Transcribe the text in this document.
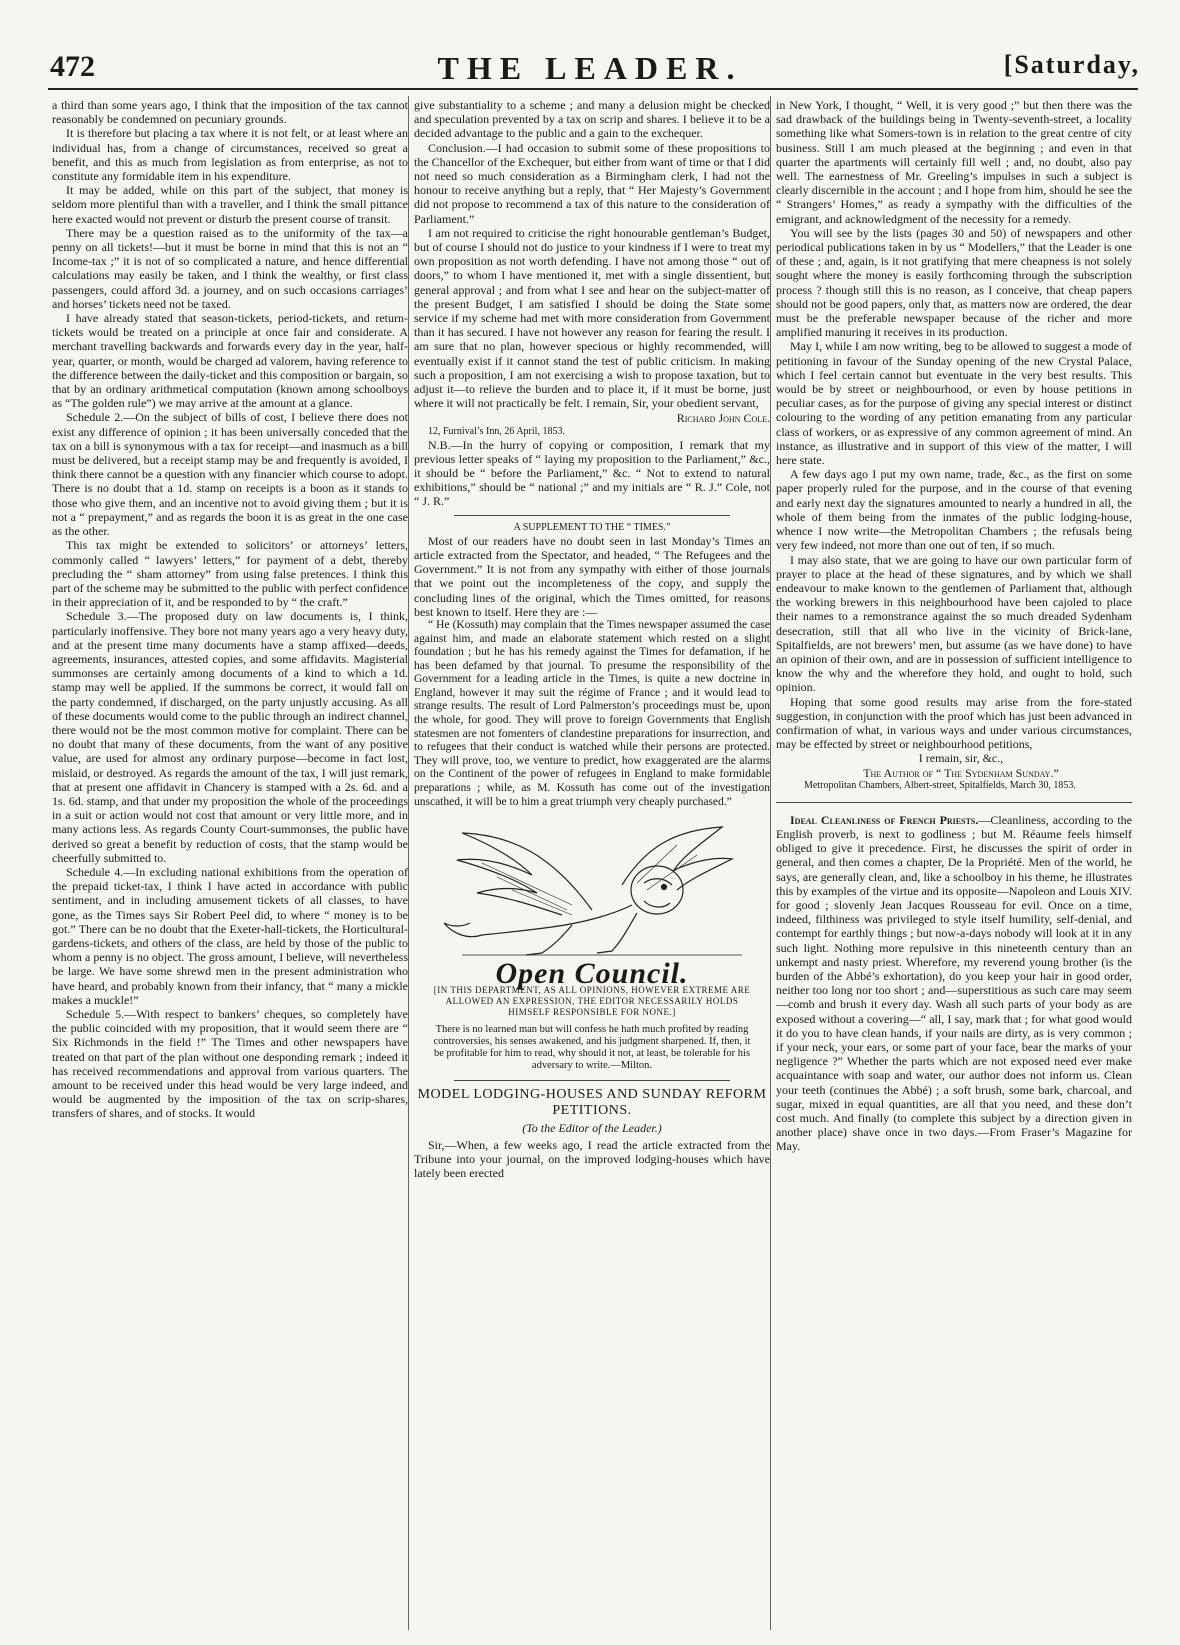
472	THE LEADER.	[Saturday,

a third than some years ago, I think that the imposition of the tax cannot reasonably be condemned on pecuniary grounds.

It is therefore but placing a tax where it is not felt, or at least where an individual has, from a change of circumstances, received so great a benefit, and this as much from legislation as from enterprise, as not to constitute any formidable item in his expenditure.

It may be added, while on this part of the subject, that money is seldom more plentiful than with a traveller, and I think the small pittance here exacted would not prevent or disturb the present course of transit.

There may be a question raised as to the uniformity of the tax—a penny on all tickets!—but it must be borne in mind that this is not an “ Income-tax ;” it is not of so complicated a nature, and hence differential calculations may easily be taken, and I think the wealthy, or first class passengers, could afford 3d. a journey, and on such occasions carriages’ and horses’ tickets need not be taxed.

I have already stated that season-tickets, period-tickets, and return-tickets would be treated on a principle at once fair and considerate. A merchant travelling backwards and forwards every day in the year, half-year, quarter, or month, would be charged ad valorem, having reference to the difference between the daily-ticket and this composition or bargain, so that by an ordinary arithmetical computation (known among schoolboys as “The golden rule”) we may arrive at the amount at a glance.

Schedule 2.—On the subject of bills of cost, I believe there does not exist any difference of opinion ; it has been universally conceded that the tax on a bill is synonymous with a tax for receipt—and inasmuch as a bill must be delivered, but a receipt stamp may be and frequently is avoided, I think there cannot be a question with any financier which course to adopt. There is no doubt that a 1d. stamp on receipts is a boon as it stands to those who give them, and an incentive not to avoid giving them ; but it is not a “ prepayment,” and as regards the boon it is as great in the one case as the other.

This tax might be extended to solicitors’ or attorneys’ letters, commonly called “ lawyers’ letters,” for payment of a debt, thereby precluding the “ sham attorney” from using false pretences. I think this part of the scheme may be submitted to the public with perfect confidence in their appreciation of it, and be responded to by “ the craft.”

Schedule 3.—The proposed duty on law documents is, I think, particularly inoffensive. They bore not many years ago a very heavy duty, and at the present time many documents have a stamp affixed—deeds, agreements, insurances, attested copies, and some affidavits. Magisterial summonses are certainly among documents of a kind to which a 1d. stamp may well be applied. If the summons be correct, it would fall on the party condemned, if discharged, on the party unjustly accusing. As all of these documents would come to the public through an indirect channel, there would not be the most common motive for complaint. There can be no doubt that many of these documents, from the want of any positive value, are used for almost any ordinary purpose—become in fact lost, mislaid, or destroyed. As regards the amount of the tax, I will just remark, that at present one affidavit in Chancery is stamped with a 2s. 6d. and a 1s. 6d. stamp, and that under my proposition the whole of the proceedings in a suit or action would not cost that amount or very little more, and in many actions less. As regards County Court-summonses, the public have derived so great a benefit by reduction of costs, that the stamp would be cheerfully submitted to.

Schedule 4.—In excluding national exhibitions from the operation of the prepaid ticket-tax, I think I have acted in accordance with public sentiment, and in including amusement tickets of all classes, to have gone, as the Times says Sir Robert Peel did, to where “ money is to be got.” There can be no doubt that the Exeter-hall-tickets, the Horticultural-gardens-tickets, and others of the class, are held by those of the public to whom a penny is no object. The gross amount, I believe, will nevertheless be large. We have some shrewd men in the present administration who have heard, and probably known from their infancy, that “ many a mickle makes a muckle!”

Schedule 5.—With respect to bankers’ cheques, so completely have the public coincided with my proposition, that it would seem there are “ Six Richmonds in the field !” The Times and other newspapers have treated on that part of the plan without one desponding remark ; indeed it has received recommendations and approval from various quarters. The amount to be received under this head would be very large indeed, and would be augmented by the imposition of the tax on scrip-shares, transfers of shares, and of stocks. It would

give substantiality to a scheme ; and many a delusion might be checked and speculation prevented by a tax on scrip and shares. I believe it to be a decided advantage to the public and a gain to the exchequer.

Conclusion.—I had occasion to submit some of these propositions to the Chancellor of the Exchequer, but either from want of time or that I did not need so much consideration as a Birmingham clerk, I had not the honour to receive anything but a reply, that “ Her Majesty’s Government did not propose to recommend a tax of this nature to the consideration of Parliament.”

I am not required to criticise the right honourable gentleman’s Budget, but of course I should not do justice to your kindness if I were to treat my own proposition as not worth defending. I have not among those “ out of doors,” to whom I have mentioned it, met with a single dissentient, but general approval ; and from what I see and hear on the subject-matter of the present Budget, I am satisfied I should be doing the State some service if my scheme had met with more consideration from Government than it has secured. I have not however any reason for fearing the result. I am sure that no plan, however specious or highly recommended, will eventually exist if it cannot stand the test of public criticism. In making such a proposition, I am not exercising a wish to propose taxation, but to adjust it—to relieve the burden and to place it, if it must be borne, just where it will not practically be felt. I remain, Sir, your obedient servant,

Richard John Cole.

12, Furnival’s Inn, 26 April, 1853.

N.B.—In the hurry of copying or composition, I remark that my previous letter speaks of “ laying my proposition to the Parliament,” &c., it should be “ before the Parliament,” &c. “ Not to extend to natural exhibitions,” should be “ national ;” and my initials are “ R. J.” Cole, not “ J. R.”

A SUPPLEMENT TO THE “ TIMES.”

Most of our readers have no doubt seen in last Monday’s Times an article extracted from the Spectator, and headed, “ The Refugees and the Government.” It is not from any sympathy with either of those journals that we point out the incompleteness of the copy, and supply the concluding lines of the original, which the Times omitted, for reasons best known to itself. Here they are :—

“ He (Kossuth) may complain that the Times newspaper assumed the case against him, and made an elaborate statement which rested on a slight foundation ; but he has his remedy against the Times for defamation, if he has been defamed by that journal. To presume the responsibility of the Government for a leading article in the Times, is quite a new doctrine in England, however it may suit the régime of France ; and it would lead to strange results. The result of Lord Palmerston’s proceedings must be, upon the whole, for good. They will prove to foreign Governments that English statesmen are not fomenters of clandestine preparations for insurrection, and to refugees that their conduct is watched while their persons are protected. They will prove, too, we venture to predict, how exaggerated are the alarms on the Continent of the power of refugees in England to make formidable preparations ; while, as M. Kossuth has come out of the investigation unscathed, it will be to him a great triumph very cheaply purchased.”

Open Council.
[IN THIS DEPARTMENT, AS ALL OPINIONS, HOWEVER EXTREME ARE ALLOWED AN EXPRESSION, THE EDITOR NECESSARILY HOLDS HIMSELF RESPONSIBLE FOR NONE.]
There is no learned man but will confess he hath much profited by reading controversies, his senses awakened, and his judgment sharpened. If, then, it be profitable for him to read, why should it not, at least, be tolerable for his adversary to write.—Milton.
MODEL LODGING-HOUSES AND SUNDAY REFORM PETITIONS.
(To the Editor of the Leader.)

Sir,—When, a few weeks ago, I read the article extracted from the Tribune into your journal, on the improved lodging-houses which have lately been erected

in New York, I thought, “ Well, it is very good ;” but then there was the sad drawback of the buildings being in Twenty-seventh-street, a locality something like what Somers-town is in relation to the great centre of city business. Still I am much pleased at the beginning ; and even in that quarter the apartments will certainly fill well ; and, no doubt, also pay well. The earnestness of Mr. Greeling’s impulses in such a subject is clearly discernible in the account ; and I hope from him, should he see the “ Strangers’ Homes,” as ready a sympathy with the difficulties of the emigrant, and acknowledgment of the necessity for a remedy.

You will see by the lists (pages 30 and 50) of newspapers and other periodical publications taken in by us “ Modellers,” that the Leader is one of these ; and, again, is it not gratifying that mere cheapness is not solely sought where the money is easily forthcoming through the subscription process ? though still this is no reason, as I conceive, that cheap papers should not be good papers, only that, as matters now are ordered, the dear must be the preferable newspaper because of the richer and more amplified manuring it receives in its production.

May I, while I am now writing, beg to be allowed to suggest a mode of petitioning in favour of the Sunday opening of the new Crystal Palace, which I feel certain cannot but eventuate in the very best results. This would be by street or neighbourhood, or even by house petitions in peculiar cases, as for the purpose of giving any special interest or distinct colouring to the wording of any petition emanating from any particular class of workers, or as expressive of any common agreement of mind. An instance, as illustrative and in support of this view of the matter, I will here state.

A few days ago I put my own name, trade, &c., as the first on some paper properly ruled for the purpose, and in the course of that evening and early next day the signatures amounted to nearly a hundred in all, the whole of them being from the inmates of the public lodging-house, whence I now write—the Metropolitan Chambers ; the refusals being very few indeed, not more than one out of ten, if so much.

I may also state, that we are going to have our own particular form of prayer to place at the head of these signatures, and by which we shall endeavour to make known to the gentlemen of Parliament that, although the working brewers in this neighbourhood have been cajoled to place their names to a remonstrance against the so much dreaded Sydenham desecration, still that all who live in the vicinity of Brick-lane, Spitalfields, are not brewers’ men, but assume (as we have done) to have an opinion of their own, and are in possession of sufficient intelligence to know the why and the wherefore they hold, and ought to hold, such opinion.

Hoping that some good results may arise from the fore-stated suggestion, in conjunction with the proof which has just been advanced in confirmation of what, in various ways and under various circumstances, may be effected by street or neighbourhood petitions,

I remain, sir, &c.,

The Author of “ The Sydenham Sunday.”

Metropolitan Chambers, Albert-street, Spitalfields, March 30, 1853.

Ideal Cleanliness of French Priests.—Cleanliness, according to the English proverb, is next to godliness ; but M. Réaume feels himself obliged to give it precedence. First, he discusses the spirit of order in general, and then comes a chapter, De la Propriété. Men of the world, he says, are generally clean, and, like a schoolboy in his theme, he illustrates this by examples of the virtue and its opposite—Napoleon and Louis XIV. for good ; slovenly Jean Jacques Rousseau for evil. Once on a time, indeed, filthiness was privileged to style itself humility, self-denial, and contempt for earthly things ; but now-a-days nobody will look at it in any such light. Nothing more repulsive in this nineteenth century than an unkempt and nasty priest. Wherefore, my reverend young brother (is the burden of the Abbé’s exhortation), do you keep your hair in good order, neither too long nor too short ; and—superstitious as such care may seem—comb and brush it every day. Wash all such parts of your body as are exposed without a covering—“ all, I say, mark that ; for what good would it do you to have clean hands, if your nails are dirty, as is very common ; if your neck, your ears, or some part of your face, bear the marks of your negligence ?” Whether the parts which are not exposed need ever make acquaintance with soap and water, our author does not inform us. Clean your teeth (continues the Abbé) ; a soft brush, some bark, charcoal, and sugar, mixed in equal quantities, are all that you need, and these don’t cost much. And finally (to complete this subject by a direction given in another place) shave once in two days.—From Fraser’s Magazine for May.
